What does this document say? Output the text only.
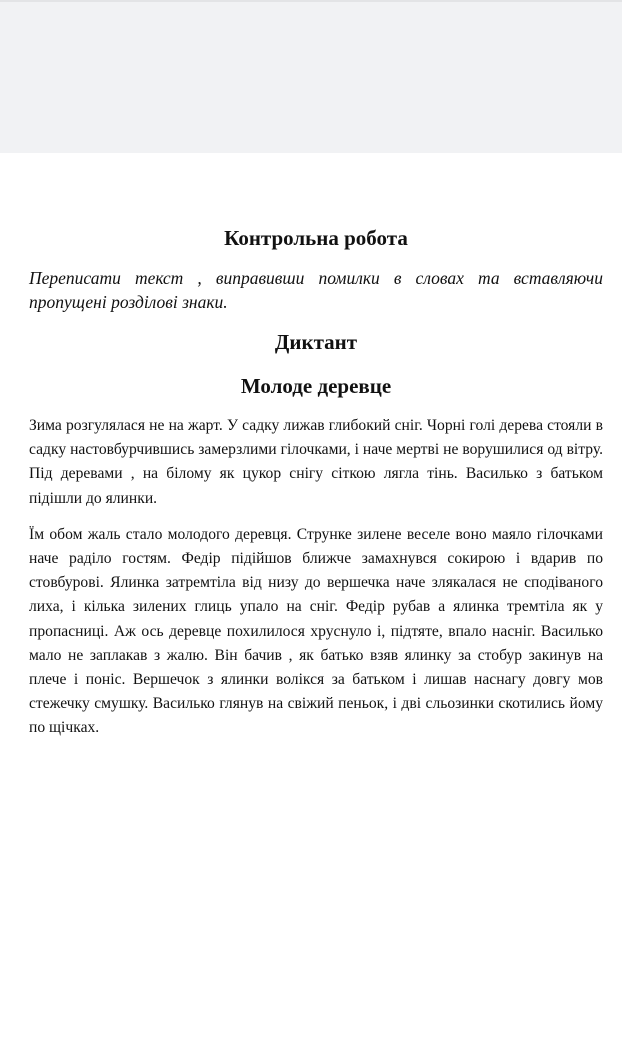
Контрольна робота
Переписати текст , виправивши помилки в словах та вставляючи пропущені розділові знаки.
Диктант
Молоде деревце

Зима розгулялася не на жарт. У садку лижав глибокий сніг. Чорні голі дерева стояли в садку настовбурчившись замерзлими гілочками, і наче мертві не ворушилися од вітру. Під деревами , на білому як цукор снігу сіткою лягла тінь. Василько з батьком підішли до ялинки.

Їм обом жаль стало молодого деревця. Струнке зилене веселе воно маяло гілочками наче раділо гостям. Федір підійшов ближче замахнувся сокирою і вдарив по стовбурові. Ялинка затремтіла від низу до вершечка наче злякалася не сподіваного лиха, і кілька зилених глиць упало на сніг. Федір рубав а ялинка тремтіла як у пропасниці. Аж ось деревце похилилося хруснуло і, підтяте, впало насніг. Василько мало не заплакав з жалю. Він бачив , як батько взяв ялинку за стобур закинув на плече і поніс. Вершечок з ялинки волікся за батьком і лишав наснагу довгу мов стежечку смушку. Василько глянув на свіжий пеньок, і дві сльозинки скотились йому по щічках.
